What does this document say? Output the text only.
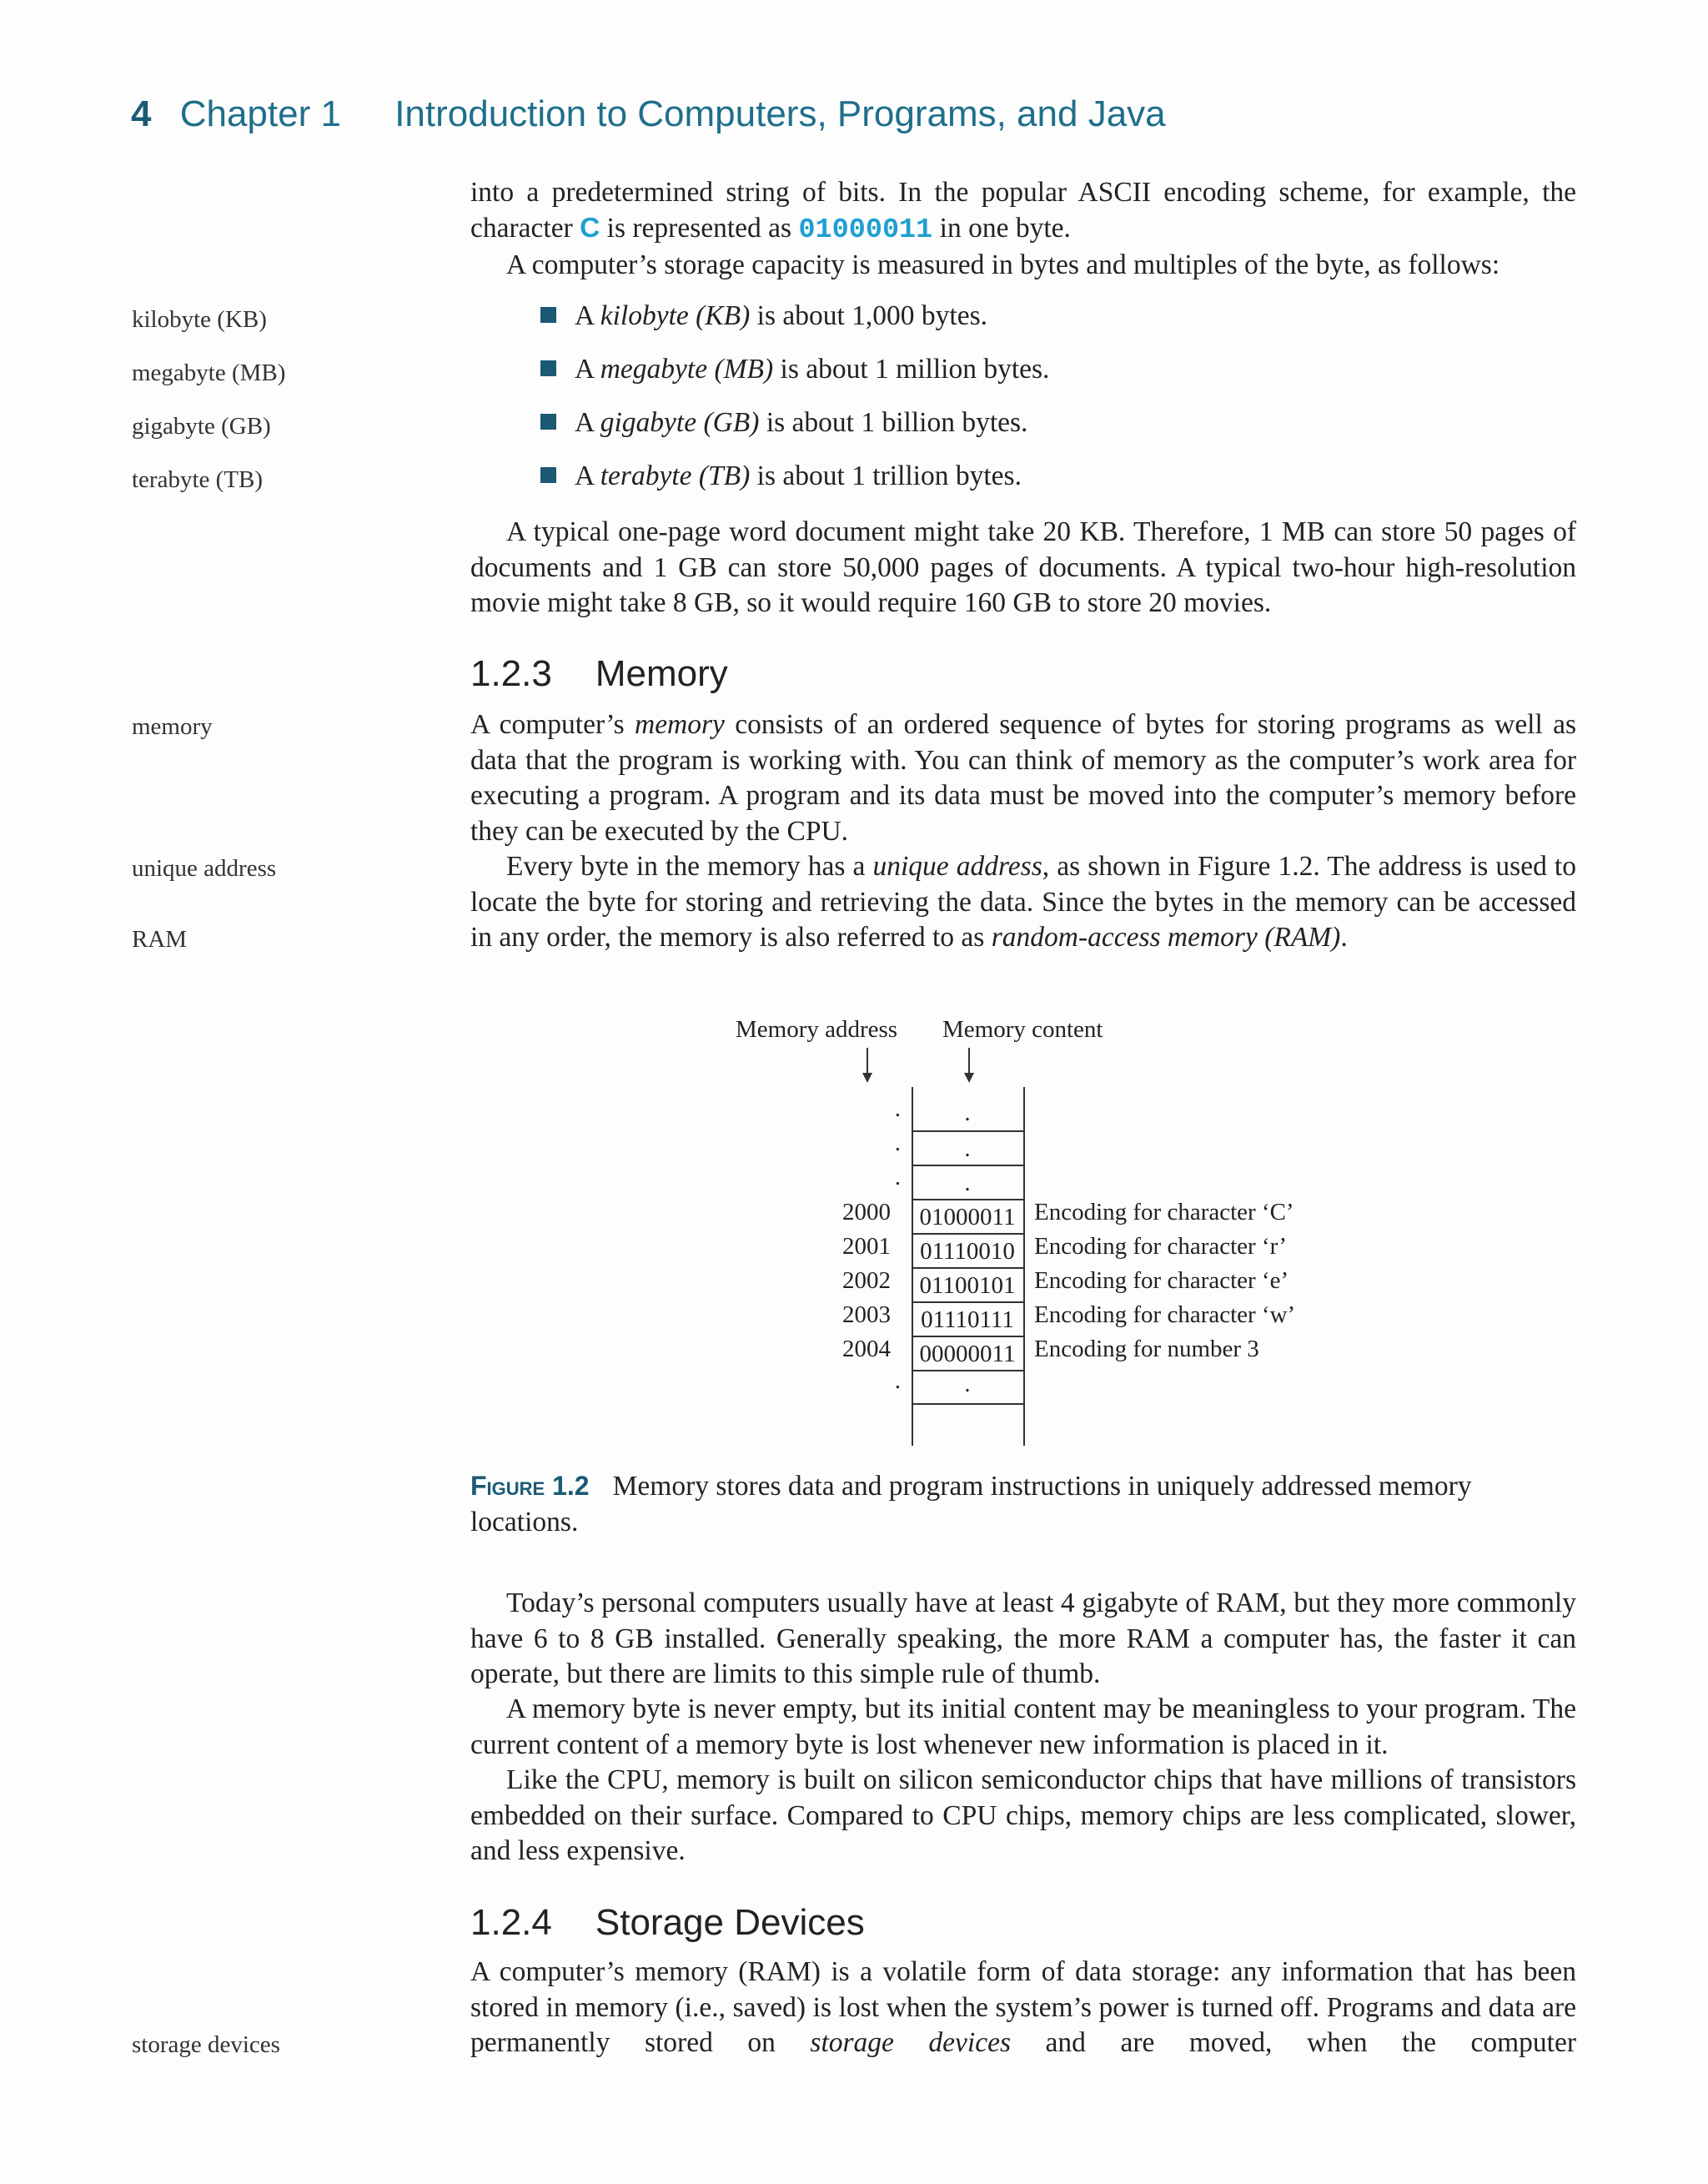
4 Chapter 1 Introduction to Computers, Programs, and Java
kilobyte (KB)
megabyte (MB)
gigabyte (GB)
terabyte (TB)
memory
unique address
RAM
storage devices
into a predetermined string of bits. In the popular ASCII encoding scheme, for example, the
character C is represented as 01000011 in one byte.
A computer’s storage capacity is measured in bytes and multiples of the byte, as follows:
A kilobyte (KB) is about 1,000 bytes.
A megabyte (MB) is about 1 million bytes.
A gigabyte (GB) is about 1 billion bytes.
A terabyte (TB) is about 1 trillion bytes.
A typical one-page word document might take 20 KB. Therefore, 1 MB can store 50 pages of documents and 1 GB can store 50,000 pages of documents. A typical two-hour high-resolution movie might take 8 GB, so it would require 160 GB to store 20 movies.
1.2.3 Memory
A computer’s memory consists of an ordered sequence of bytes for storing programs as well as data that the program is working with. You can think of memory as the computer’s work area for executing a program. A program and its data must be moved into the computer’s memory before they can be executed by the CPU.
Every byte in the memory has a unique address, as shown in Figure 1.2. The address is used to locate the byte for storing and retrieving the data. Since the bytes in the memory can be accessed in any order, the memory is also referred to as random-access memory (RAM).
Memory address Memory content
.
.
.
.
.
.
2000	01000011 Encoding for character ‘C’
2001	01110010 Encoding for character ‘r’
2002	01100101 Encoding for character ‘e’
2003	01110111 Encoding for character ‘w’
2004	00000011 Encoding for number 3
.	.
Figure 1.2 Memory stores data and program instructions in uniquely addressed memory locations.
Today’s personal computers usually have at least 4 gigabyte of RAM, but they more commonly have 6 to 8 GB installed. Generally speaking, the more RAM a computer has, the faster it can operate, but there are limits to this simple rule of thumb.
A memory byte is never empty, but its initial content may be meaningless to your program. The current content of a memory byte is lost whenever new information is placed in it.
Like the CPU, memory is built on silicon semiconductor chips that have millions of transistors embedded on their surface. Compared to CPU chips, memory chips are less complicated, slower, and less expensive.
1.2.4 Storage Devices
A computer’s memory (RAM) is a volatile form of data storage: any information that has been stored in memory (i.e., saved) is lost when the system’s power is turned off. Programs and data are permanently stored on storage devices and are moved, when the computer
